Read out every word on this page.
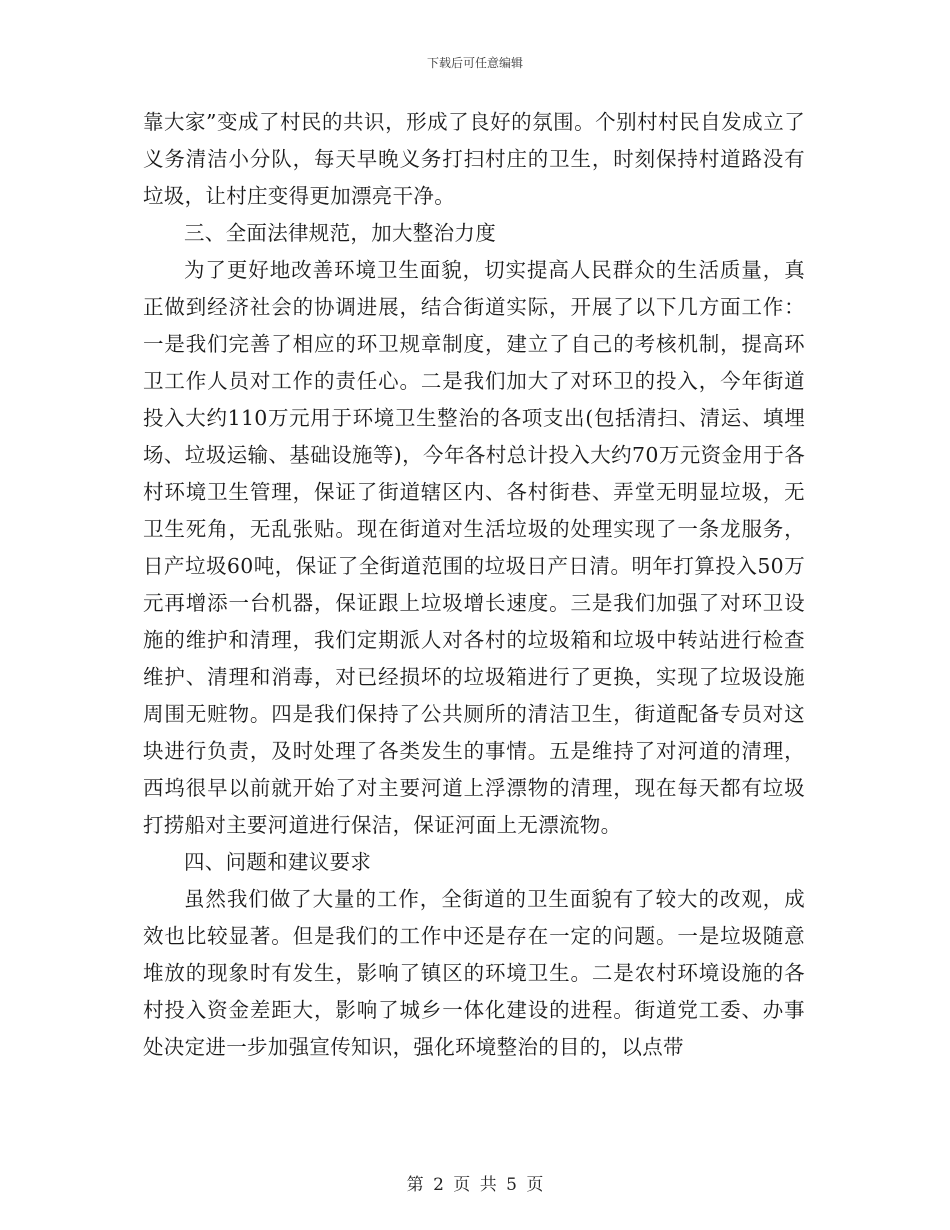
下载后可任意编辑

靠大家”变成了村民的共识，形成了良好的氛围。个别村村民自发成立了义务清洁小分队，每天早晚义务打扫村庄的卫生，时刻保持村道路没有垃圾，让村庄变得更加漂亮干净。

三、全面法律规范，加大整治力度

为了更好地改善环境卫生面貌，切实提高人民群众的生活质量，真正做到经济社会的协调进展，结合街道实际，开展了以下几方面工作：一是我们完善了相应的环卫规章制度，建立了自己的考核机制，提高环卫工作人员对工作的责任心。二是我们加大了对环卫的投入，今年街道投入大约110万元用于环境卫生整治的各项支出(包括清扫、清运、填埋场、垃圾运输、基础设施等)，今年各村总计投入大约70万元资金用于各村环境卫生管理，保证了街道辖区内、各村街巷、弄堂无明显垃圾，无卫生死角，无乱张贴。现在街道对生活垃圾的处理实现了一条龙服务，日产垃圾60吨，保证了全街道范围的垃圾日产日清。明年打算投入50万元再增添一台机器，保证跟上垃圾增长速度。三是我们加强了对环卫设施的维护和清理，我们定期派人对各村的垃圾箱和垃圾中转站进行检查维护、清理和消毒，对已经损坏的垃圾箱进行了更换，实现了垃圾设施周围无赃物。四是我们保持了公共厕所的清洁卫生，街道配备专员对这块进行负责，及时处理了各类发生的事情。五是维持了对河道的清理，西坞很早以前就开始了对主要河道上浮漂物的清理，现在每天都有垃圾打捞船对主要河道进行保洁，保证河面上无漂流物。

四、问题和建议要求

虽然我们做了大量的工作，全街道的卫生面貌有了较大的改观，成效也比较显著。但是我们的工作中还是存在一定的问题。一是垃圾随意堆放的现象时有发生，影响了镇区的环境卫生。二是农村环境设施的各村投入资金差距大，影响了城乡一体化建设的进程。街道党工委、办事处决定进一步加强宣传知识，强化环境整治的目的，以点带

第 2 页 共 5 页
